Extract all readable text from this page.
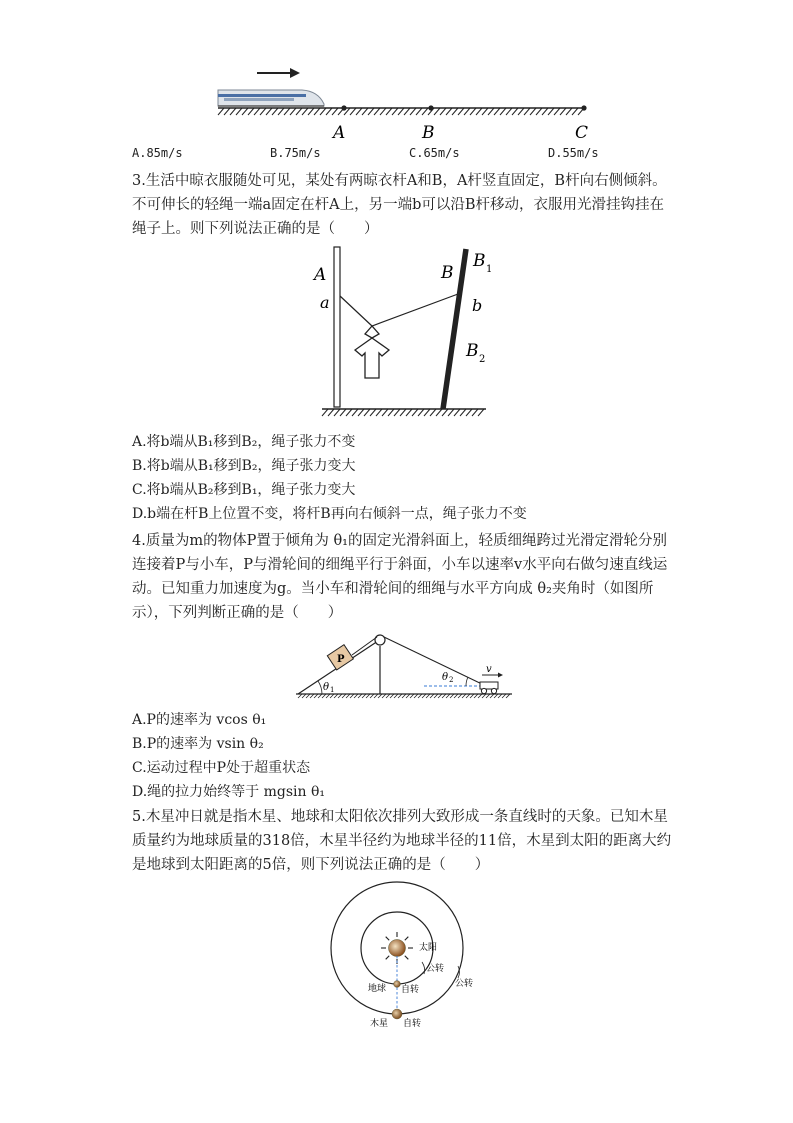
A	B	C
A.85m/s	B.75m/s	C.65m/s	D.55m/s
3.生活中晾衣服随处可见，某处有两晾衣杆A和B，A杆竖直固定，B杆向右侧倾斜。不可伸长的轻绳一端a固定在杆A上，另一端b可以沿B杆移动，衣服用光滑挂钩挂在绳子上。则下列说法正确的是（　　）
A
a
B
B 1
b
B 2
A.将b端从B₁移到B₂，绳子张力不变
B.将b端从B₁移到B₂，绳子张力变大
C.将b端从B₂移到B₁，绳子张力变大
D.b端在杆B上位置不变，将杆B再向右倾斜一点，绳子张力不变
4.质量为m的物体P置于倾角为 θ₁的固定光滑斜面上，轻质细绳跨过光滑定滑轮分别连接着P与小车，P与滑轮间的细绳平行于斜面，小车以速率v水平向右做匀速直线运动。已知重力加速度为g。当小车和滑轮间的细绳与水平方向成 θ₂夹角时（如图所示），下列判断正确的是（　　）
P
θ 1
θ 2
v
A.P的速率为 vcos θ₁
B.P的速率为 vsin θ₂
C.运动过程中P处于超重状态
D.绳的拉力始终等于 mgsin θ₁
5.木星冲日就是指木星、地球和太阳依次排列大致形成一条直线时的天象。已知木星质量约为地球质量的318倍，木星半径约为地球半径的11倍，木星到太阳的距离大约是地球到太阳距离的5倍，则下列说法正确的是（　　）
太阳
公转
公转
地球 自转
木星 自转
